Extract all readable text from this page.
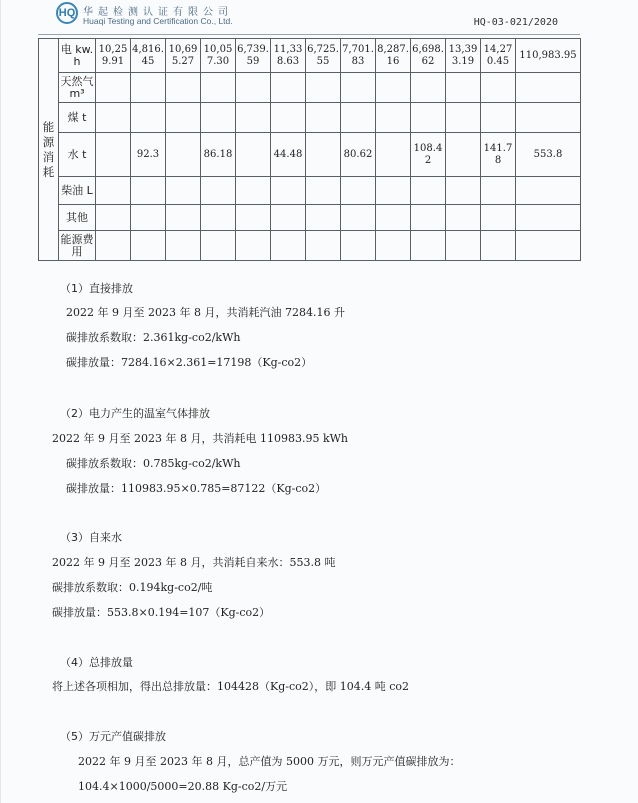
HQ 华起检测认证有限公司
Huaqi Testing and Certification Co., Ltd.	HQ-03-021/2020
能源消耗	电 kw.h	10,259.91	4,816.45	10,695.27	10,057.30	6,739.59	11,338.63	6,725.55	7,701.83	8,287.16	6,698.62	13,393.19	14,270.45	110,983.95
	天然气 m³													
	煤 t													
	水 t		92.3		86.18		44.48		80.62		108.42		141.78	553.8
	柴油 L													
	其他													
	能源费用													
（1）直接排放
2022 年 9 月至 2023 年 8 月，共消耗汽油 7284.16 升
碳排放系数取：2.361kg-co2/kWh
碳排放量：7284.16×2.361=17198（Kg-co2）
（2）电力产生的温室气体排放
2022 年 9 月至 2023 年 8 月，共消耗电 110983.95 kWh
碳排放系数取：0.785kg-co2/kWh
碳排放量：110983.95×0.785=87122（Kg-co2）
（3）自来水
2022 年 9 月至 2023 年 8 月，共消耗自来水：553.8 吨
碳排放系数取：0.194kg-co2/吨
碳排放量：553.8×0.194=107（Kg-co2）
（4）总排放量
将上述各项相加，得出总排放量：104428（Kg-co2），即 104.4 吨 co2
（5）万元产值碳排放
2022 年 9 月至 2023 年 8 月，总产值为 5000 万元，则万元产值碳排放为：
104.4×1000/5000=20.88 Kg-co2/万元
